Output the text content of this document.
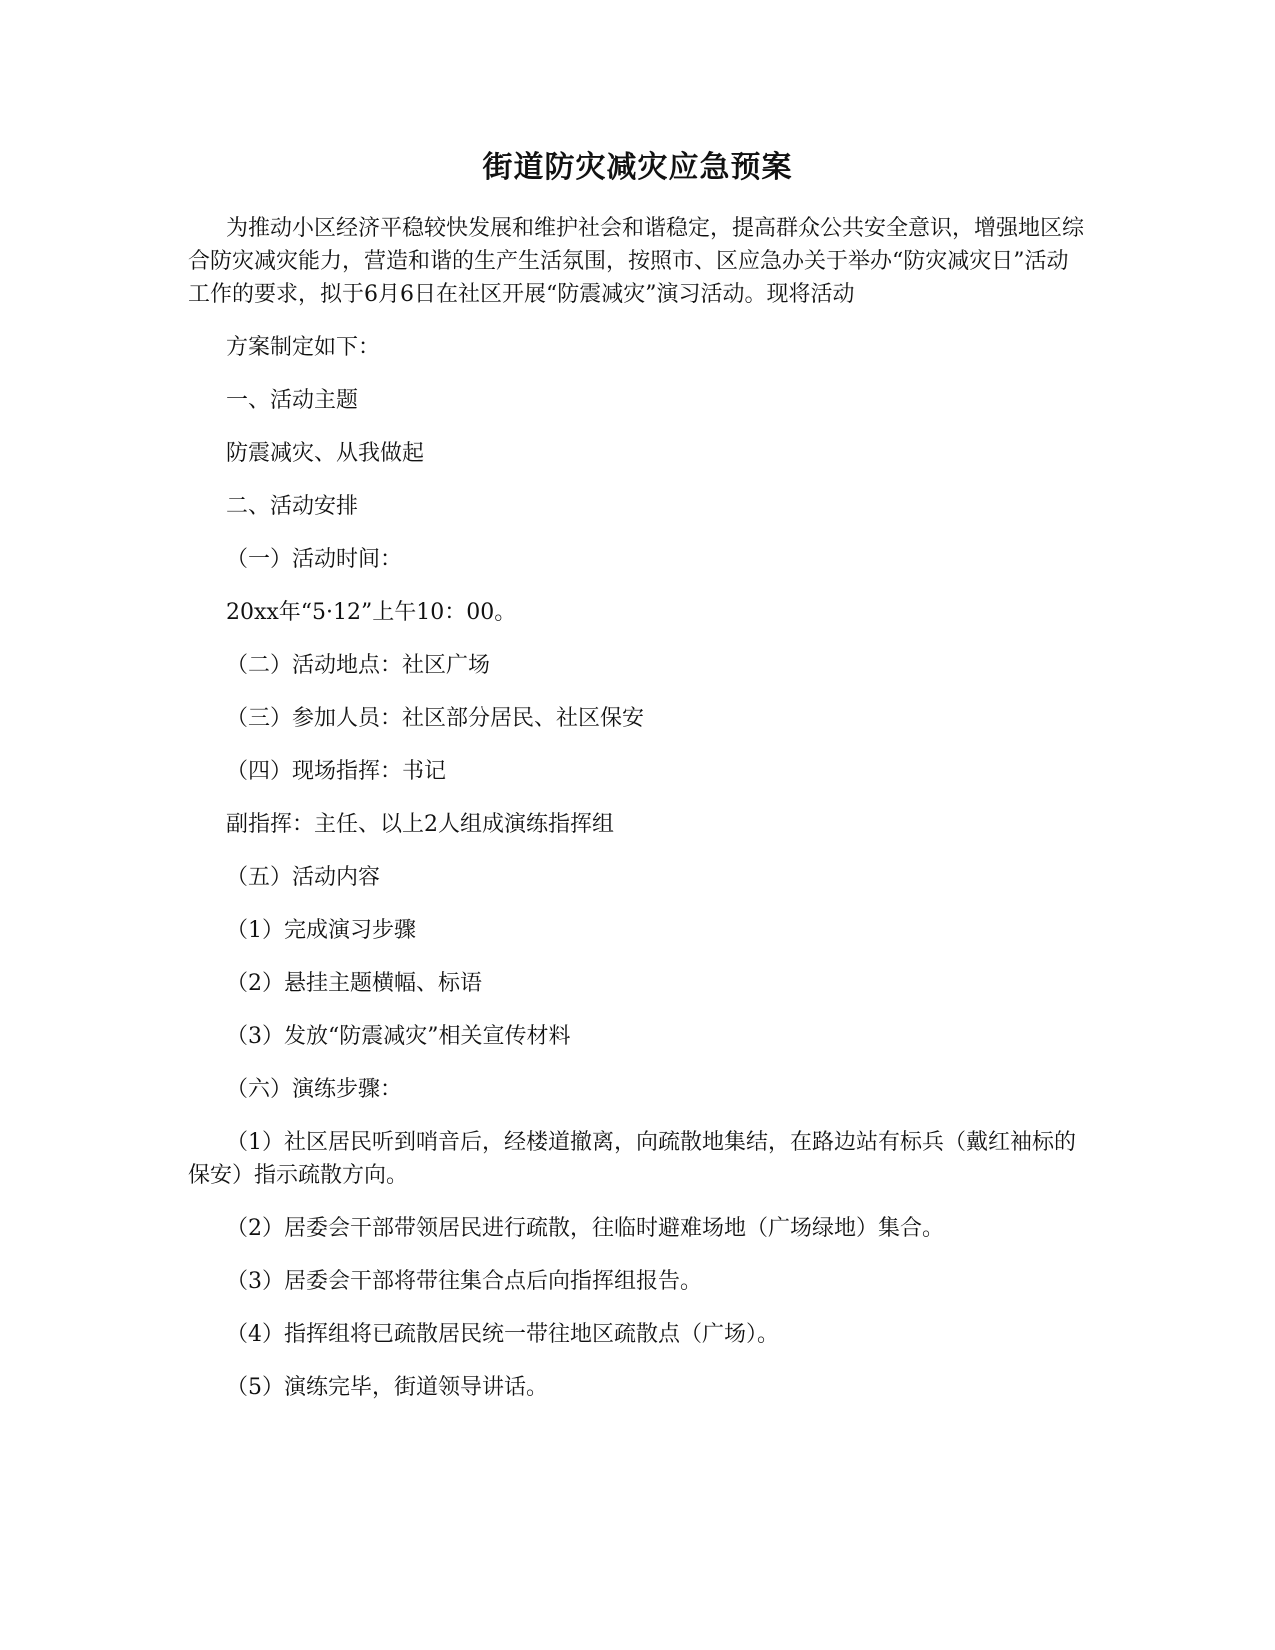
街道防灾减灾应急预案

为推动小区经济平稳较快发展和维护社会和谐稳定，提高群众公共安全意识，增强地区综合防灾减灾能力，营造和谐的生产生活氛围，按照市、区应急办关于举办“防灾减灾日”活动工作的要求，拟于6月6日在社区开展“防震减灾”演习活动。现将活动

方案制定如下：

一、活动主题

防震减灾、从我做起

二、活动安排

（一）活动时间：

20xx年“5·12”上午10：00。

（二）活动地点：社区广场

（三）参加人员：社区部分居民、社区保安

（四）现场指挥：书记

副指挥：主任、以上2人组成演练指挥组

（五）活动内容

（1）完成演习步骤

（2）悬挂主题横幅、标语

（3）发放“防震减灾”相关宣传材料

（六）演练步骤：

（1）社区居民听到哨音后，经楼道撤离，向疏散地集结，在路边站有标兵（戴红袖标的保安）指示疏散方向。

（2）居委会干部带领居民进行疏散，往临时避难场地（广场绿地）集合。

（3）居委会干部将带往集合点后向指挥组报告。

（4）指挥组将已疏散居民统一带往地区疏散点（广场）。

（5）演练完毕，街道领导讲话。
